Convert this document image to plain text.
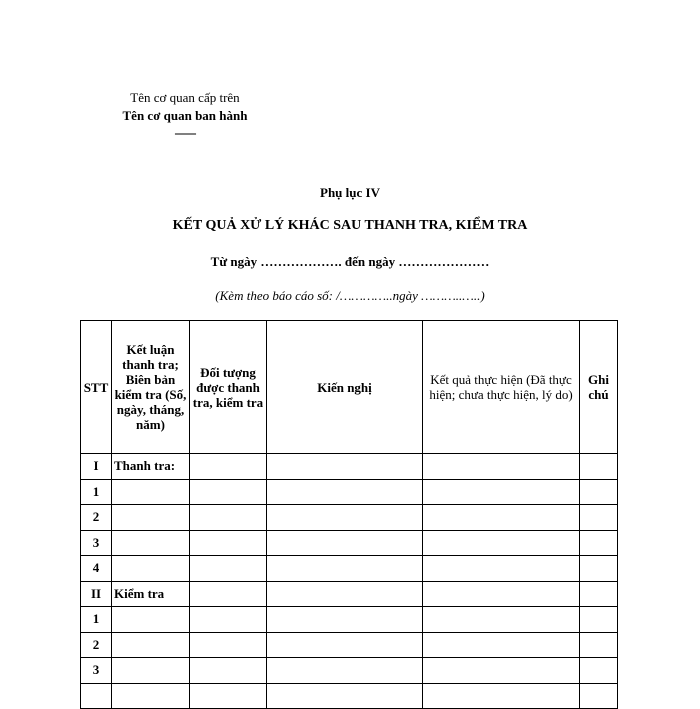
Tên cơ quan cấp trên
Tên cơ quan ban hành
-------
Phụ lục IV
KẾT QUẢ XỬ LÝ KHÁC SAU THANH TRA, KIỂM TRA
Từ ngày ………………. đến ngày …………………
(Kèm theo báo cáo số: /…………..ngày ………..…..)
STT	Kết luận thanh tra; Biên bản kiểm tra (Số, ngày, tháng, năm)	Đối tượng được thanh tra, kiểm tra	Kiến nghị	Kết quả thực hiện (Đã thực hiện; chưa thực hiện, lý do)	Ghi chú
I	Thanh tra:				
1					
2					
3					
4					
II	Kiểm tra				
1					
2					
3					
